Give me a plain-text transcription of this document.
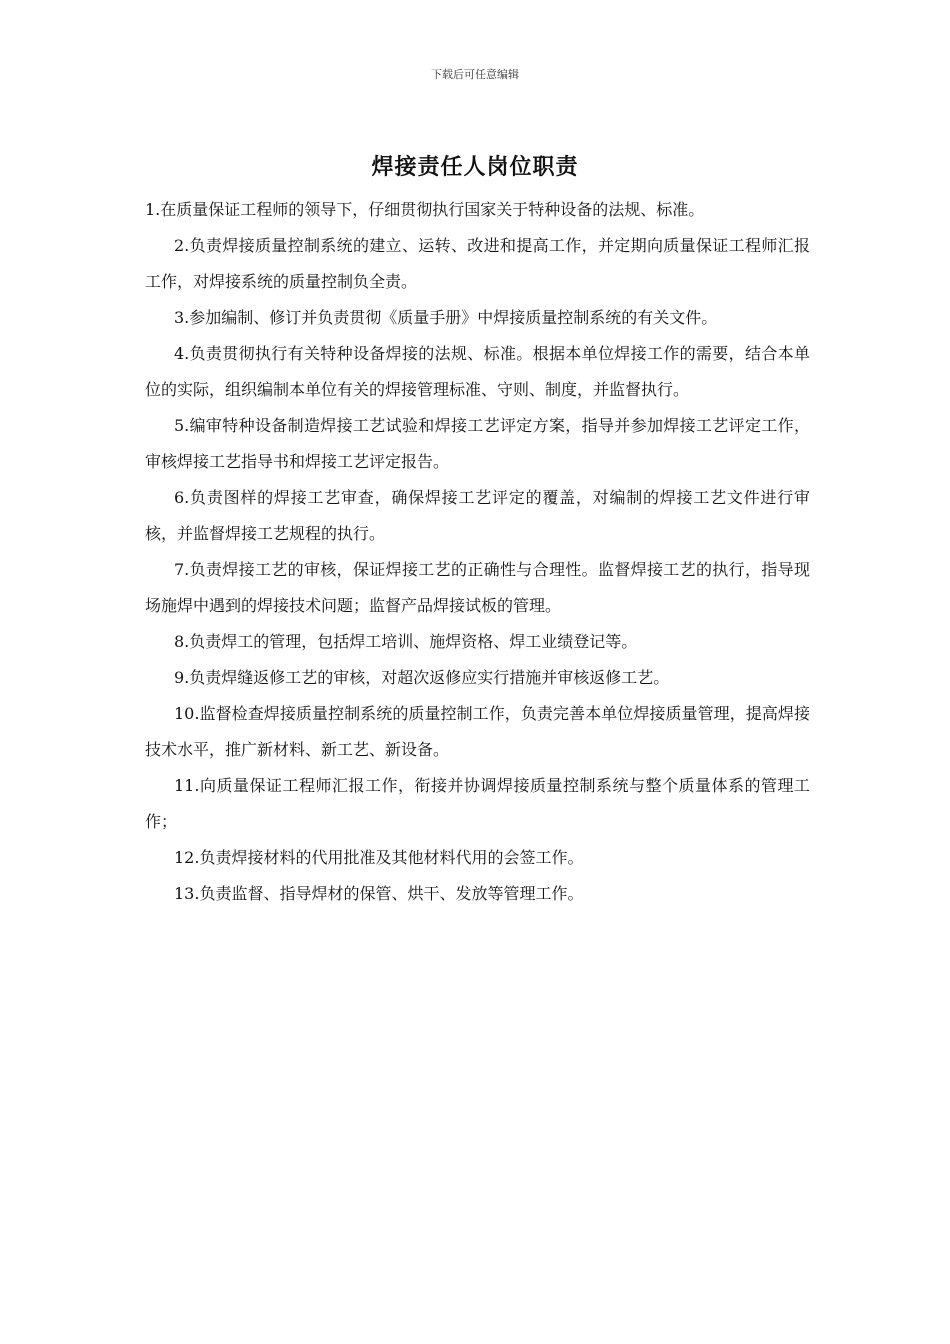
下载后可任意编辑
焊接责任人岗位职责

1.在质量保证工程师的领导下，仔细贯彻执行国家关于特种设备的法规、标准。

2.负责焊接质量控制系统的建立、运转、改进和提高工作，并定期向质量保证工程师汇报工作，对焊接系统的质量控制负全责。

3.参加编制、修订并负责贯彻《质量手册》中焊接质量控制系统的有关文件。

4.负责贯彻执行有关特种设备焊接的法规、标准。根据本单位焊接工作的需要，结合本单位的实际，组织编制本单位有关的焊接管理标准、守则、制度，并监督执行。

5.编审特种设备制造焊接工艺试验和焊接工艺评定方案，指导并参加焊接工艺评定工作，审核焊接工艺指导书和焊接工艺评定报告。

6.负责图样的焊接工艺审查，确保焊接工艺评定的覆盖，对编制的焊接工艺文件进行审核，并监督焊接工艺规程的执行。

7.负责焊接工艺的审核，保证焊接工艺的正确性与合理性。监督焊接工艺的执行，指导现场施焊中遇到的焊接技术问题；监督产品焊接试板的管理。

8.负责焊工的管理，包括焊工培训、施焊资格、焊工业绩登记等。

9.负责焊缝返修工艺的审核，对超次返修应实行措施并审核返修工艺。

10.监督检查焊接质量控制系统的质量控制工作，负责完善本单位焊接质量管理，提高焊接技术水平，推广新材料、新工艺、新设备。

11.向质量保证工程师汇报工作，衔接并协调焊接质量控制系统与整个质量体系的管理工作；

12.负责焊接材料的代用批准及其他材料代用的会签工作。

13.负责监督、指导焊材的保管、烘干、发放等管理工作。
